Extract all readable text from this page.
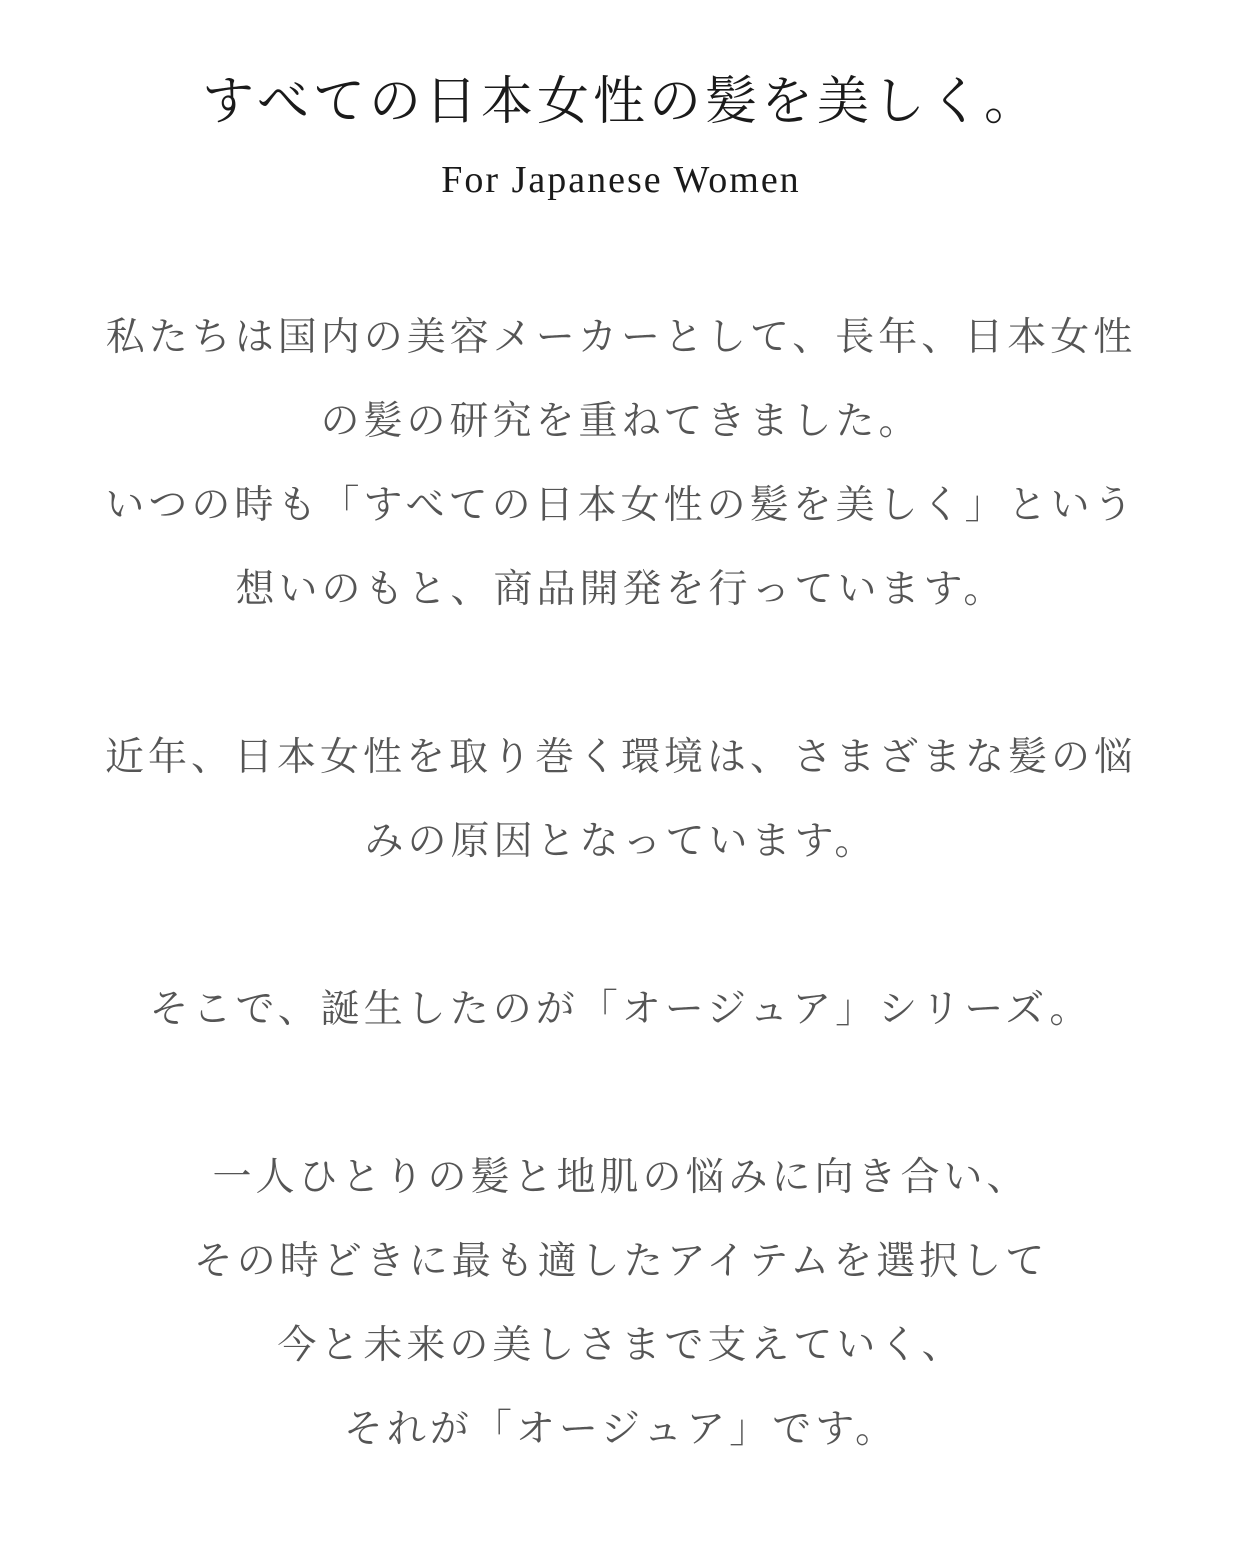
すべての日本女性の髪を美しく。
For Japanese Women

私たちは国内の美容メーカーとして、長年、日本女性
の髪の研究を重ねてきました。
いつの時も「すべての日本女性の髪を美しく」という
想いのもと、商品開発を行っています。

近年、日本女性を取り巻く環境は、さまざまな髪の悩
みの原因となっています。

そこで、誕生したのが「オージュア」シリーズ。

一人ひとりの髪と地肌の悩みに向き合い、
その時どきに最も適したアイテムを選択して
今と未来の美しさまで支えていく、
それが「オージュア」です。
